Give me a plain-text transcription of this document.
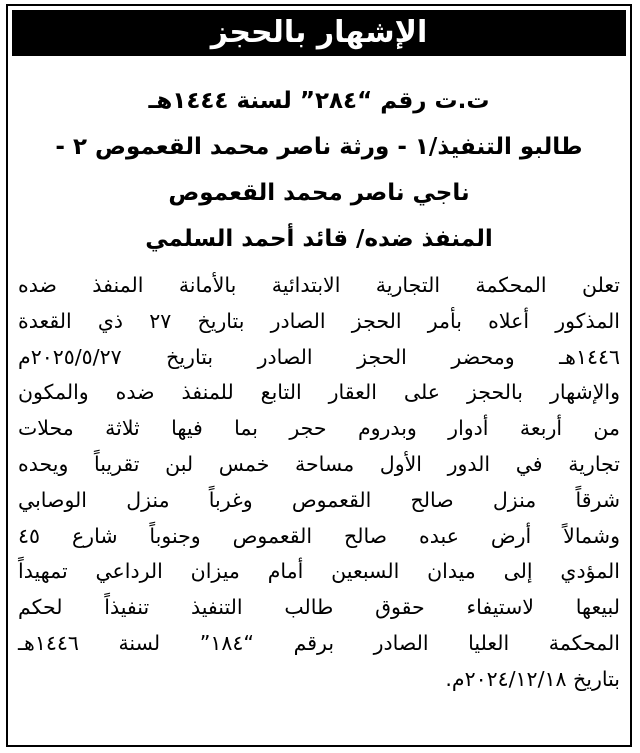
الإشهار بالحجز
ت.ت رقم “٢٨٤” لسنة ١٤٤٤هـ
طالبو التنفيذ/١ - ورثة ناصر محمد القعموص ٢ -
ناجي ناصر محمد القعموص
المنفذ ضده/ قائد أحمد السلمي
تعلن المحكمة التجارية الابتدائية بالأمانة المنفذ ضده
المذكور أعلاه بأمر الحجز الصادر بتاريخ ٢٧ ذي القعدة
١٤٤٦هـ ومحضر الحجز الصادر بتاريخ ٢٠٢٥/٥/٢٧م
والإشهار بالحجز على العقار التابع للمنفذ ضده والمكون
من أربعة أدوار وبدروم حجر بما فيها ثلاثة محلات
تجارية في الدور الأول مساحة خمس لبن تقريباً ويحده
شرقاً منزل صالح القعموص وغرباً منزل الوصابي
وشمالاً أرض عبده صالح القعموص وجنوباً شارع ٤٥
المؤدي إلى ميدان السبعين أمام ميزان الرداعي تمهيداً
لبيعها لاستيفاء حقوق طالب التنفيذ تنفيذاً لحكم
المحكمة العليا الصادر برقم “١٨٤” لسنة ١٤٤٦هـ
بتاريخ ٢٠٢٤/١٢/١٨م.
